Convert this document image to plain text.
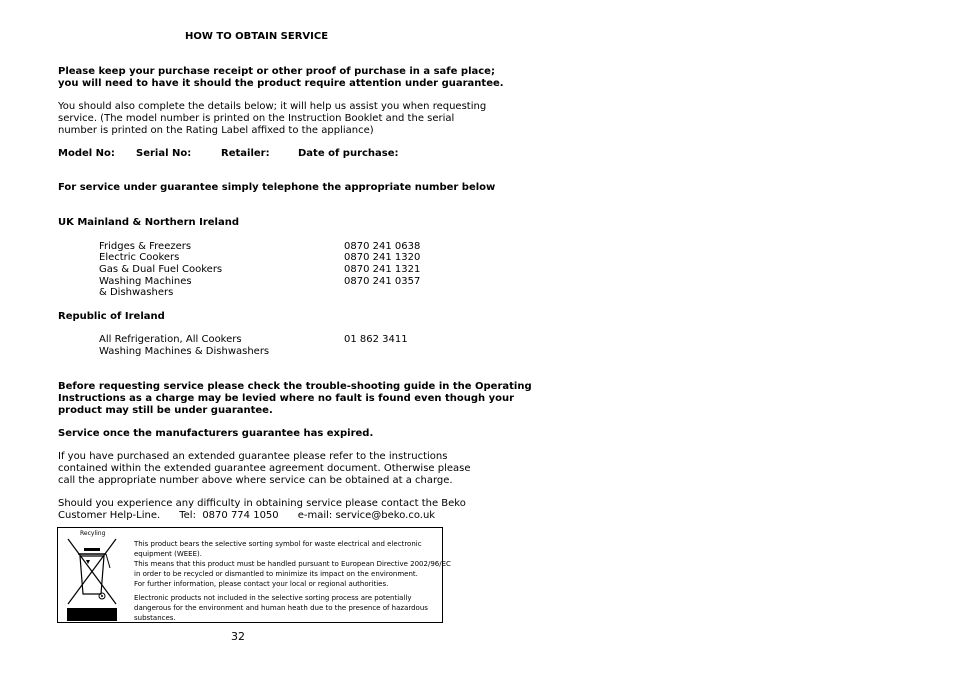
HOW TO OBTAIN SERVICE
Please keep your purchase receipt or other proof of purchase in a safe place;
you will need to have it should the product require attention under guarantee.
You should also complete the details below; it will help us assist you when requesting
service. (The model number is printed on the Instruction Booklet and the serial
number is printed on the Rating Label affixed to the appliance)
Model No: Serial No:	Retailer:	Date of purchase:
For service under guarantee simply telephone the appropriate number below
UK Mainland & Northern Ireland
Fridges & Freezers	0870 241 0638
Electric Cookers	0870 241 1320
Gas & Dual Fuel Cookers	0870 241 1321
Washing Machines	0870 241 0357
& Dishwashers
Republic of Ireland
All Refrigeration, All Cookers	01 862 3411
Washing Machines & Dishwashers
Before requesting service please check the trouble-shooting guide in the Operating
Instructions as a charge may be levied where no fault is found even though your
product may still be under guarantee.
Service once the manufacturers guarantee has expired.
If you have purchased an extended guarantee please refer to the instructions
contained within the extended guarantee agreement document. Otherwise please
call the appropriate number above where service can be obtained at a charge.
Should you experience any difficulty in obtaining service please contact the Beko
Customer Help-Line.      Tel:  0870 774 1050      e-mail: service@beko.co.uk
Recyling
This product bears the selective sorting symbol for waste electrical and electronic
equipment (WEEE).
This means that this product must be handled pursuant to European Directive 2002/96/EC
in order to be recycled or dismantled to minimize its impact on the environment.
For further information, please contact your local or regional authorities.
Electronic products not included in the selective sorting process are potentially
dangerous for the environment and human heath due to the presence of hazardous
substances.
32
